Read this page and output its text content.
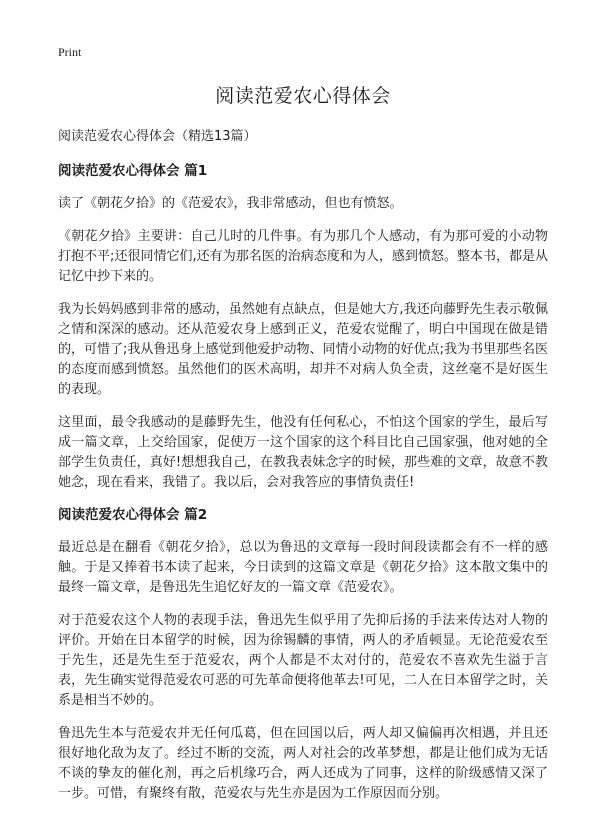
Print
阅读范爱农心得体会
阅读范爱农心得体会（精选13篇）
阅读范爱农心得体会 篇1

读了《朝花夕拾》的《范爱农》，我非常感动，但也有愤怒。

《朝花夕拾》主要讲：自己儿时的几件事。有为那几个人感动，有为那可爱的小动物打抱不平;还很同情它们,还有为那名医的治病态度和为人，感到愤怒。整本书，都是从记忆中抄下来的。

我为长妈妈感到非常的感动，虽然她有点缺点，但是她大方,我还向藤野先生表示敬佩之情和深深的感动。还从范爱农身上感到正义，范爱农觉醒了，明白中国现在做是错的，可惜了;我从鲁迅身上感觉到他爱护动物、同情小动物的好优点;我为书里那些名医的态度而感到愤怒。虽然他们的医术高明，却并不对病人负全责，这丝毫不是好医生的表现。

这里面，最令我感动的是藤野先生，他没有任何私心，不怕这个国家的学生，最后写成一篇文章，上交给国家，促使万一这个国家的这个科目比自己国家强，他对她的全部学生负责任，真好!想想我自己，在教我表妹念字的时候，那些难的文章，故意不教她念，现在看来，我错了。我以后，会对我答应的事情负责任!

阅读范爱农心得体会 篇2

最近总是在翻看《朝花夕拾》，总以为鲁迅的文章每一段时间段读都会有不一样的感触。于是又捧着书本读了起来，今日读到的这篇文章是《朝花夕拾》这本散文集中的最终一篇文章，是鲁迅先生追忆好友的一篇文章《范爱农》。

对于范爱农这个人物的表现手法，鲁迅先生似乎用了先抑后扬的手法来传达对人物的评价。开始在日本留学的时候，因为徐锡麟的事情，两人的矛盾顿显。无论范爱农至于先生，还是先生至于范爱农，两个人都是不太对付的，范爱农不喜欢先生溢于言表，先生确实觉得范爱农可恶的可先革命便将他革去!可见，二人在日本留学之时，关系是相当不妙的。

鲁迅先生本与范爱农并无任何瓜葛，但在回国以后，两人却又偏偏再次相遇，并且还很好地化敌为友了。经过不断的交流，两人对社会的改革梦想，都是让他们成为无话不谈的挚友的催化剂，再之后机缘巧合，两人还成为了同事，这样的阶级感情又深了一步。可惜，有聚终有散，范爱农与先生亦是因为工作原因而分别。
